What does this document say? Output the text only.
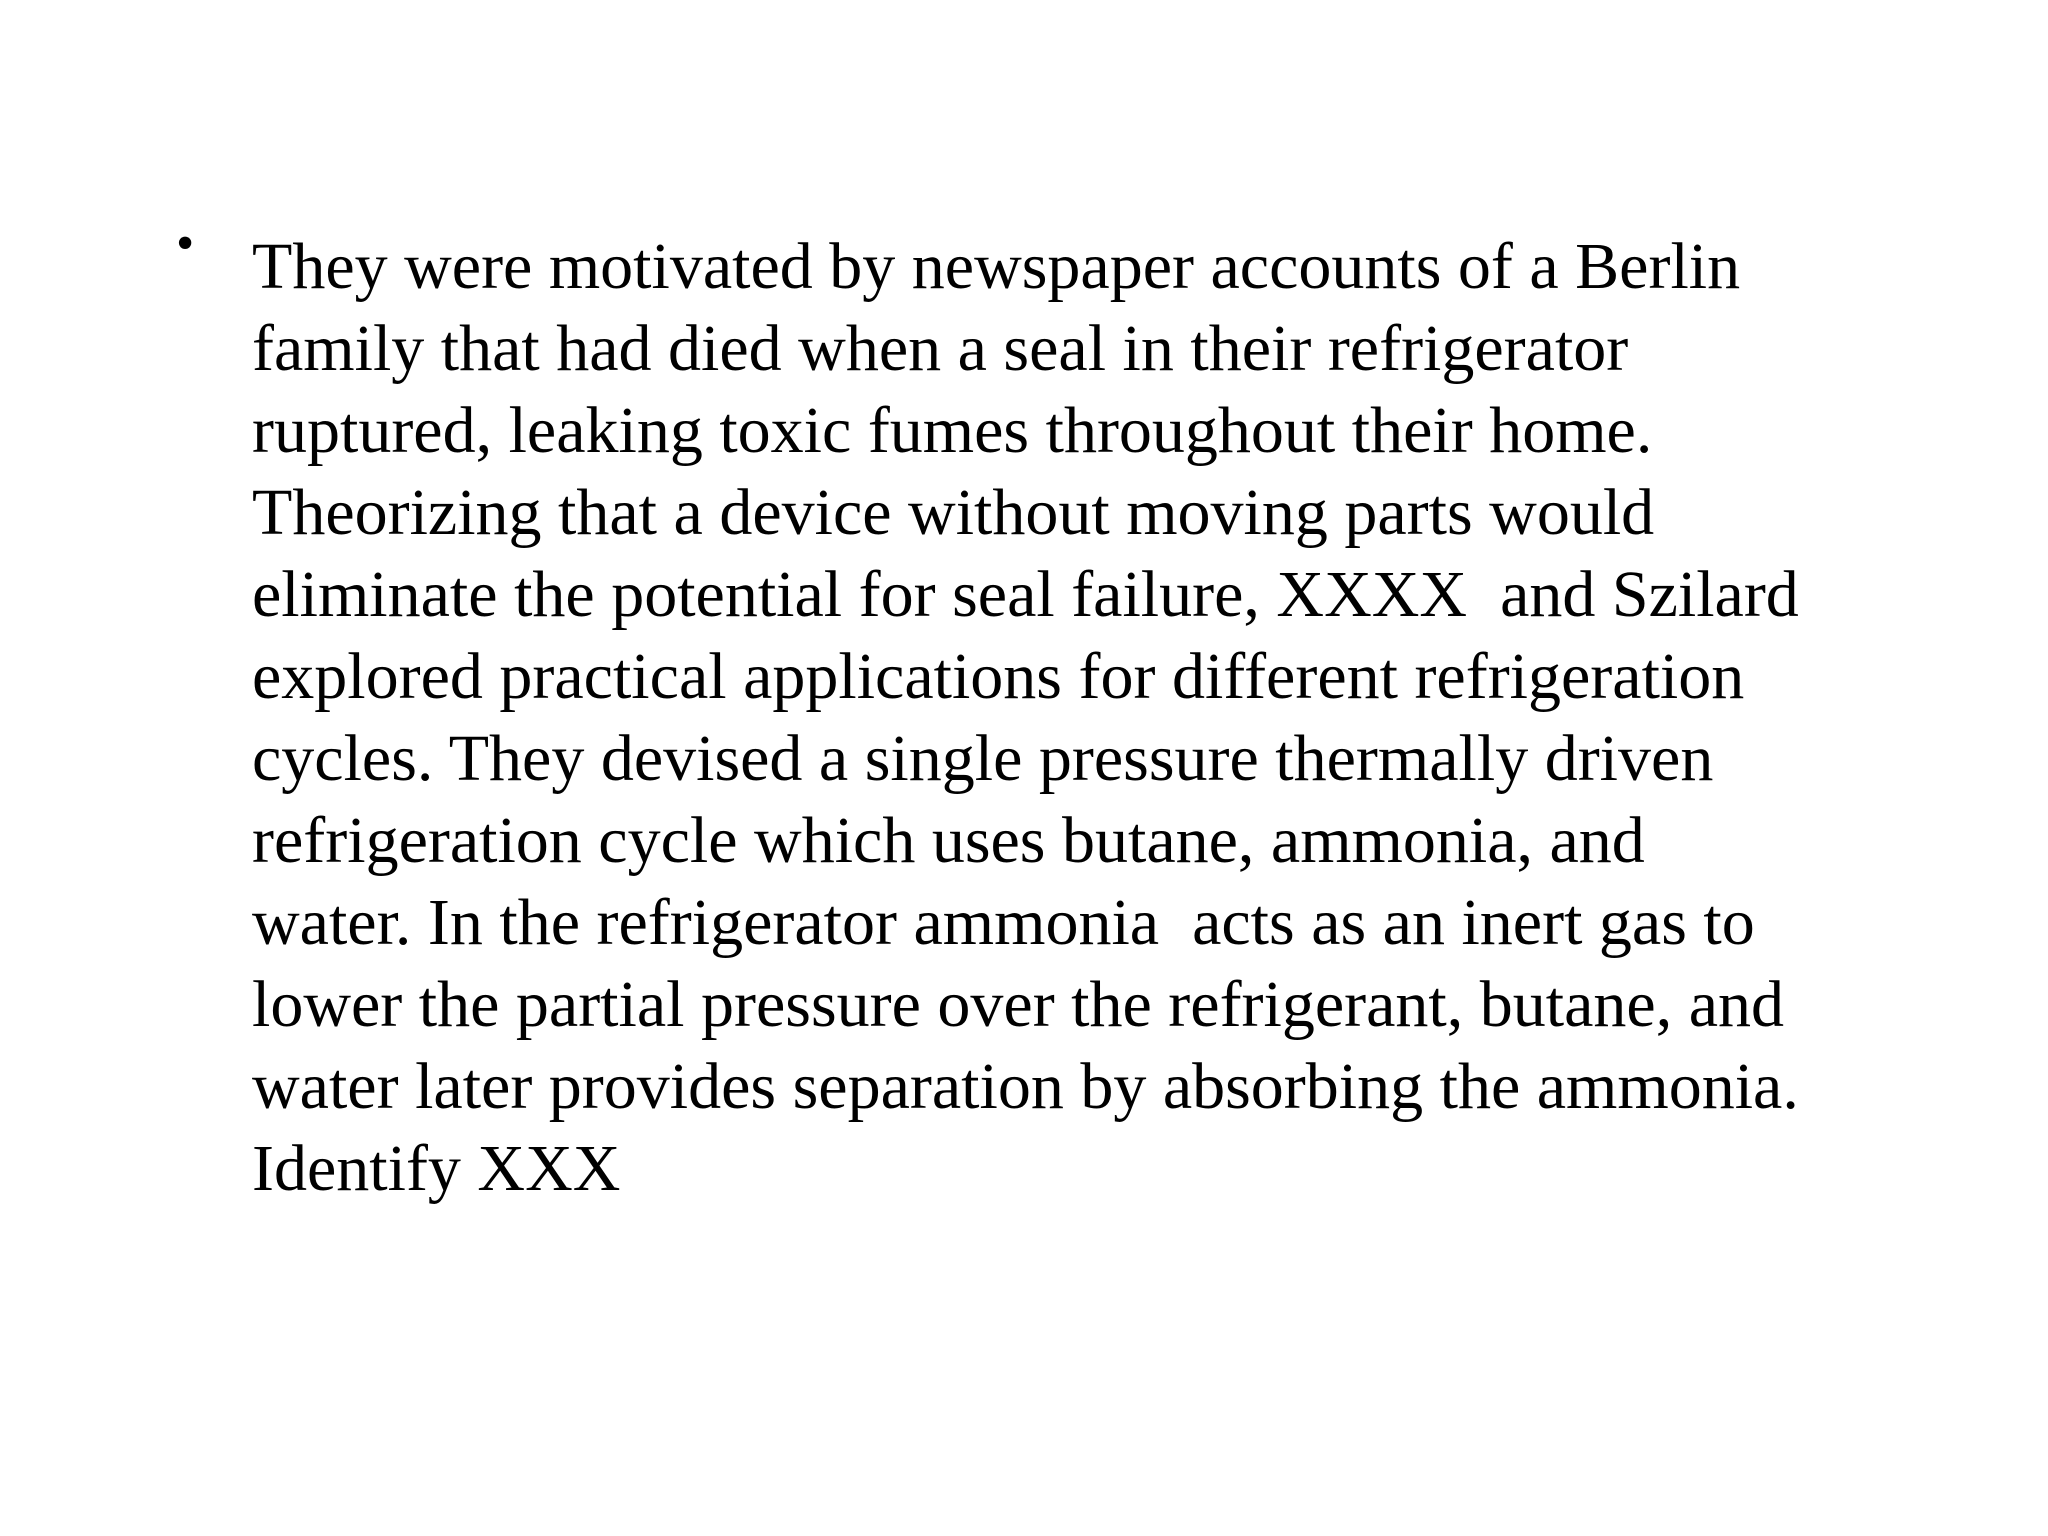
• They were motivated by newspaper accounts of a Berlin
family that had died when a seal in their refrigerator
ruptured, leaking toxic fumes throughout their home.
Theorizing that a device without moving parts would
eliminate the potential for seal failure, XXXX  and Szilard
explored practical applications for different refrigeration
cycles. They devised a single pressure thermally driven
refrigeration cycle which uses butane, ammonia, and
water. In the refrigerator ammonia  acts as an inert gas to
lower the partial pressure over the refrigerant, butane, and
water later provides separation by absorbing the ammonia.
Identify XXX
